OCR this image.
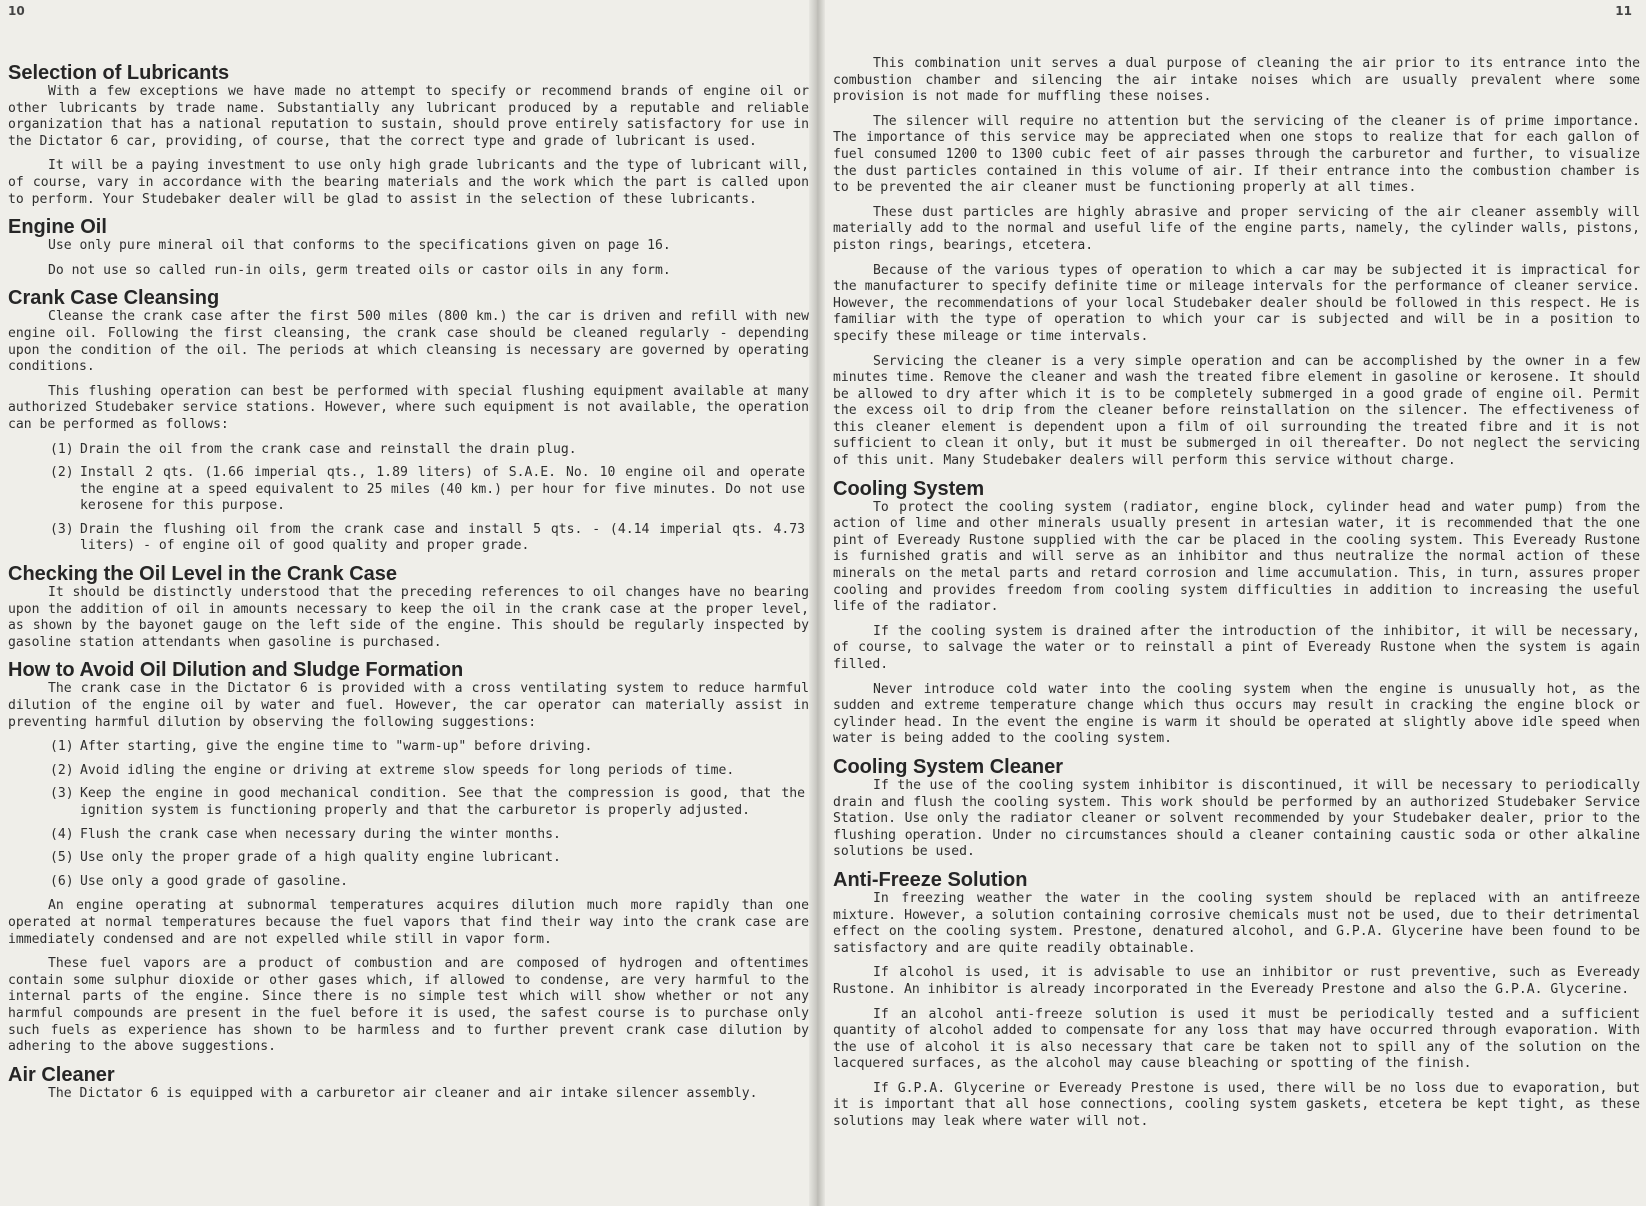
10
Selection of Lubricants

With a few exceptions we have made no attempt to specify or recommend brands of engine oil or other lubricants by trade name. Substantially any lubricant produced by a reputable and reliable organization that has a national reputation to sustain, should prove entirely satisfactory for use in the Dictator 6 car, providing, of course, that the correct type and grade of lubricant is used.

It will be a paying investment to use only high grade lubricants and the type of lubricant will, of course, vary in accordance with the bearing materials and the work which the part is called upon to perform. Your Studebaker dealer will be glad to assist in the selection of these lubricants.

Engine Oil

Use only pure mineral oil that conforms to the specifications given on page 16.

Do not use so called run-in oils, germ treated oils or castor oils in any form.

Crank Case Cleansing

Cleanse the crank case after the first 500 miles (800 km.) the car is driven and refill with new engine oil. Following the first cleansing, the crank case should be cleaned regularly - depending upon the condition of the oil. The periods at which cleansing is necessary are governed by operating conditions.

This flushing operation can best be performed with special flushing equipment available at many authorized Studebaker service stations. However, where such equipment is not available, the operation can be performed as follows:

(1) Drain the oil from the crank case and reinstall the drain plug.
(2) Install 2 qts. (1.66 imperial qts., 1.89 liters) of S.A.E. No. 10 engine oil and operate the engine at a speed equivalent to 25 miles (40 km.) per hour for five minutes. Do not use kerosene for this purpose.
(3) Drain the flushing oil from the crank case and install 5 qts. - (4.14 imperial qts. 4.73 liters) - of engine oil of good quality and proper grade.
Checking the Oil Level in the Crank Case

It should be distinctly understood that the preceding references to oil changes have no bearing upon the addition of oil in amounts necessary to keep the oil in the crank case at the proper level, as shown by the bayonet gauge on the left side of the engine. This should be regularly inspected by gasoline station attendants when gasoline is purchased.

How to Avoid Oil Dilution and Sludge Formation

The crank case in the Dictator 6 is provided with a cross ventilating system to reduce harmful dilution of the engine oil by water and fuel. However, the car operator can materially assist in preventing harmful dilution by observing the following suggestions:

(1) After starting, give the engine time to "warm-up" before driving.
(2) Avoid idling the engine or driving at extreme slow speeds for long periods of time.
(3) Keep the engine in good mechanical condition. See that the compression is good, that the ignition system is functioning properly and that the carburetor is properly adjusted.
(4) Flush the crank case when necessary during the winter months.
(5) Use only the proper grade of a high quality engine lubricant.
(6) Use only a good grade of gasoline.

An engine operating at subnormal temperatures acquires dilution much more rapidly than one operated at normal temperatures because the fuel vapors that find their way into the crank case are immediately condensed and are not expelled while still in vapor form.

These fuel vapors are a product of combustion and are composed of hydrogen and oftentimes contain some sulphur dioxide or other gases which, if allowed to condense, are very harmful to the internal parts of the engine. Since there is no simple test which will show whether or not any harmful compounds are present in the fuel before it is used, the safest course is to purchase only such fuels as experience has shown to be harmless and to further prevent crank case dilution by adhering to the above suggestions.

Air Cleaner

The Dictator 6 is equipped with a carburetor air cleaner and air intake silencer assembly.

11

This combination unit serves a dual purpose of cleaning the air prior to its entrance into the combustion chamber and silencing the air intake noises which are usually prevalent where some provision is not made for muffling these noises.

The silencer will require no attention but the servicing of the cleaner is of prime importance. The importance of this service may be appreciated when one stops to realize that for each gallon of fuel consumed 1200 to 1300 cubic feet of air passes through the carburetor and further, to visualize the dust particles contained in this volume of air. If their entrance into the combustion chamber is to be prevented the air cleaner must be functioning properly at all times.

These dust particles are highly abrasive and proper servicing of the air cleaner assembly will materially add to the normal and useful life of the engine parts, namely, the cylinder walls, pistons, piston rings, bearings, etcetera.

Because of the various types of operation to which a car may be subjected it is impractical for the manufacturer to specify definite time or mileage intervals for the performance of cleaner service. However, the recommendations of your local Studebaker dealer should be followed in this respect. He is familiar with the type of operation to which your car is subjected and will be in a position to specify these mileage or time intervals.

Servicing the cleaner is a very simple operation and can be accomplished by the owner in a few minutes time. Remove the cleaner and wash the treated fibre element in gasoline or kerosene. It should be allowed to dry after which it is to be completely submerged in a good grade of engine oil. Permit the excess oil to drip from the cleaner before reinstallation on the silencer. The effectiveness of this cleaner element is dependent upon a film of oil surrounding the treated fibre and it is not sufficient to clean it only, but it must be submerged in oil thereafter. Do not neglect the servicing of this unit. Many Studebaker dealers will perform this service without charge.

Cooling System

To protect the cooling system (radiator, engine block, cylinder head and water pump) from the action of lime and other minerals usually present in artesian water, it is recommended that the one pint of Eveready Rustone supplied with the car be placed in the cooling system. This Eveready Rustone is furnished gratis and will serve as an inhibitor and thus neutralize the normal action of these minerals on the metal parts and retard corrosion and lime accumulation. This, in turn, assures proper cooling and provides freedom from cooling system difficulties in addition to increasing the useful life of the radiator.

If the cooling system is drained after the introduction of the inhibitor, it will be necessary, of course, to salvage the water or to reinstall a pint of Eveready Rustone when the system is again filled.

Never introduce cold water into the cooling system when the engine is unusually hot, as the sudden and extreme temperature change which thus occurs may result in cracking the engine block or cylinder head. In the event the engine is warm it should be operated at slightly above idle speed when water is being added to the cooling system.

Cooling System Cleaner

If the use of the cooling system inhibitor is discontinued, it will be necessary to periodically drain and flush the cooling system. This work should be performed by an authorized Studebaker Service Station. Use only the radiator cleaner or solvent recommended by your Studebaker dealer, prior to the flushing operation. Under no circumstances should a cleaner containing caustic soda or other alkaline solutions be used.

Anti-Freeze Solution

In freezing weather the water in the cooling system should be replaced with an antifreeze mixture. However, a solution containing corrosive chemicals must not be used, due to their detrimental effect on the cooling system. Prestone, denatured alcohol, and G.P.A. Glycerine have been found to be satisfactory and are quite readily obtainable.

If alcohol is used, it is advisable to use an inhibitor or rust preventive, such as Eveready Rustone. An inhibitor is already incorporated in the Eveready Prestone and also the G.P.A. Glycerine.

If an alcohol anti-freeze solution is used it must be periodically tested and a sufficient quantity of alcohol added to compensate for any loss that may have occurred through evaporation. With the use of alcohol it is also necessary that care be taken not to spill any of the solution on the lacquered surfaces, as the alcohol may cause bleaching or spotting of the finish.

If G.P.A. Glycerine or Eveready Prestone is used, there will be no loss due to evaporation, but it is important that all hose connections, cooling system gaskets, etcetera be kept tight, as these solutions may leak where water will not.
